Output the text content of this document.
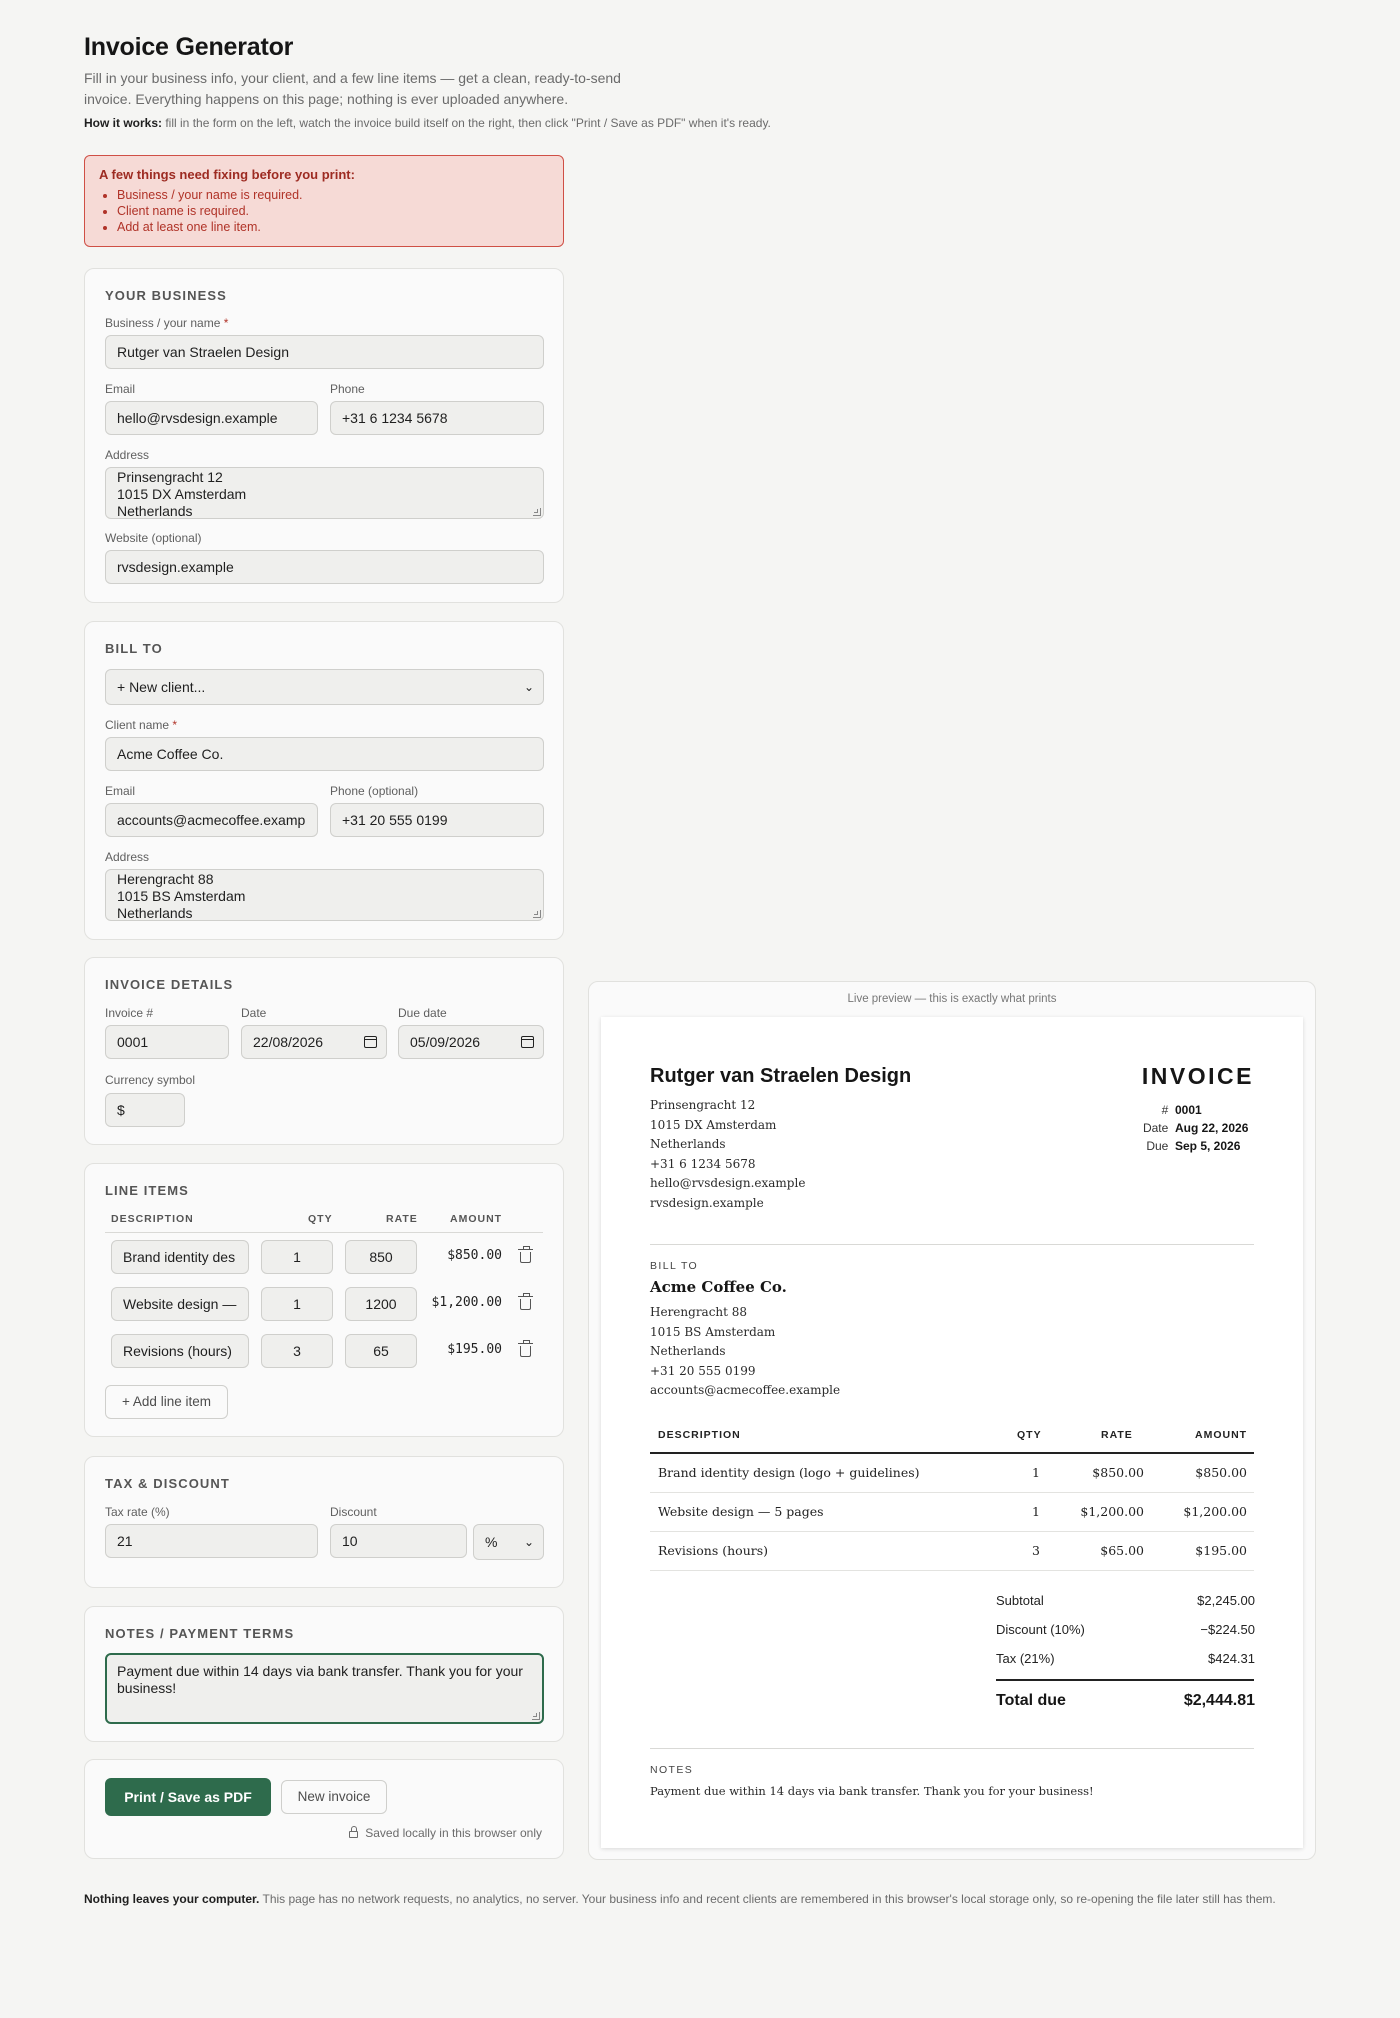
Invoice Generator
Fill in your business info, your client, and a few line items — get a clean, ready-to-send invoice. Everything happens on this page; nothing is ever uploaded anywhere.
How it works: fill in the form on the left, watch the invoice build itself on the right, then click "Print / Save as PDF" when it's ready.
A few things need fixing before you print:
• Business / your name is required.
• Client name is required.
• Add at least one line item.
YOUR BUSINESS
Business / your name *
Rutger van Straelen Design
Email
hello@rvsdesign.example
Phone
+31 6 1234 5678
Address
Prinsengracht 12
1015 DX Amsterdam
Netherlands
Website (optional)
rvsdesign.example
BILL TO
+ New client...	⌄
Client name *
Acme Coffee Co.
Email
accounts@acmecoffee.examp
Phone (optional)
+31 20 555 0199
Address
Herengracht 88
1015 BS Amsterdam
Netherlands
INVOICE DETAILS
Invoice #
0001
Date
22/08/2026
Due date
05/09/2026
Currency symbol
$
LINE ITEMS
DESCRIPTION	QTY	RATE	AMOUNT
Brand identity des	1	850	$850.00
Website design —	1	1200	$1,200.00
Revisions (hours)	3	65	$195.00
+ Add line item
TAX & DISCOUNT
Tax rate (%)
21
Discount
10	% ⌄
NOTES / PAYMENT TERMS
Payment due within 14 days via bank transfer. Thank you for your business!
Saved locally in this browser only
Print / Save as PDF	New invoice
Live preview — this is exactly what prints
Rutger van Straelen Design
Prinsengracht 12
1015 DX Amsterdam
Netherlands
+31 6 1234 5678
hello@rvsdesign.example
rvsdesign.example
INVOICE
# 0001
Date Aug 22, 2026
Due Sep 5, 2026
BILL TO
Acme Coffee Co.
Herengracht 88
1015 BS Amsterdam
Netherlands
+31 20 555 0199
accounts@acmecoffee.example
DESCRIPTION	QTY	RATE	AMOUNT
Brand identity design (logo + guidelines)	1	$850.00	$850.00
Website design — 5 pages	1	$1,200.00	$1,200.00
Revisions (hours)	3	$65.00	$195.00
Subtotal	$2,245.00
Discount (10%)	−$224.50
Tax (21%)	$424.31
Total due	$2,444.81
NOTES
Payment due within 14 days via bank transfer. Thank you for your business!
Nothing leaves your computer. This page has no network requests, no analytics, no server. Your business info and recent clients are remembered in this browser's local storage only, so re-opening the file later still has them.
